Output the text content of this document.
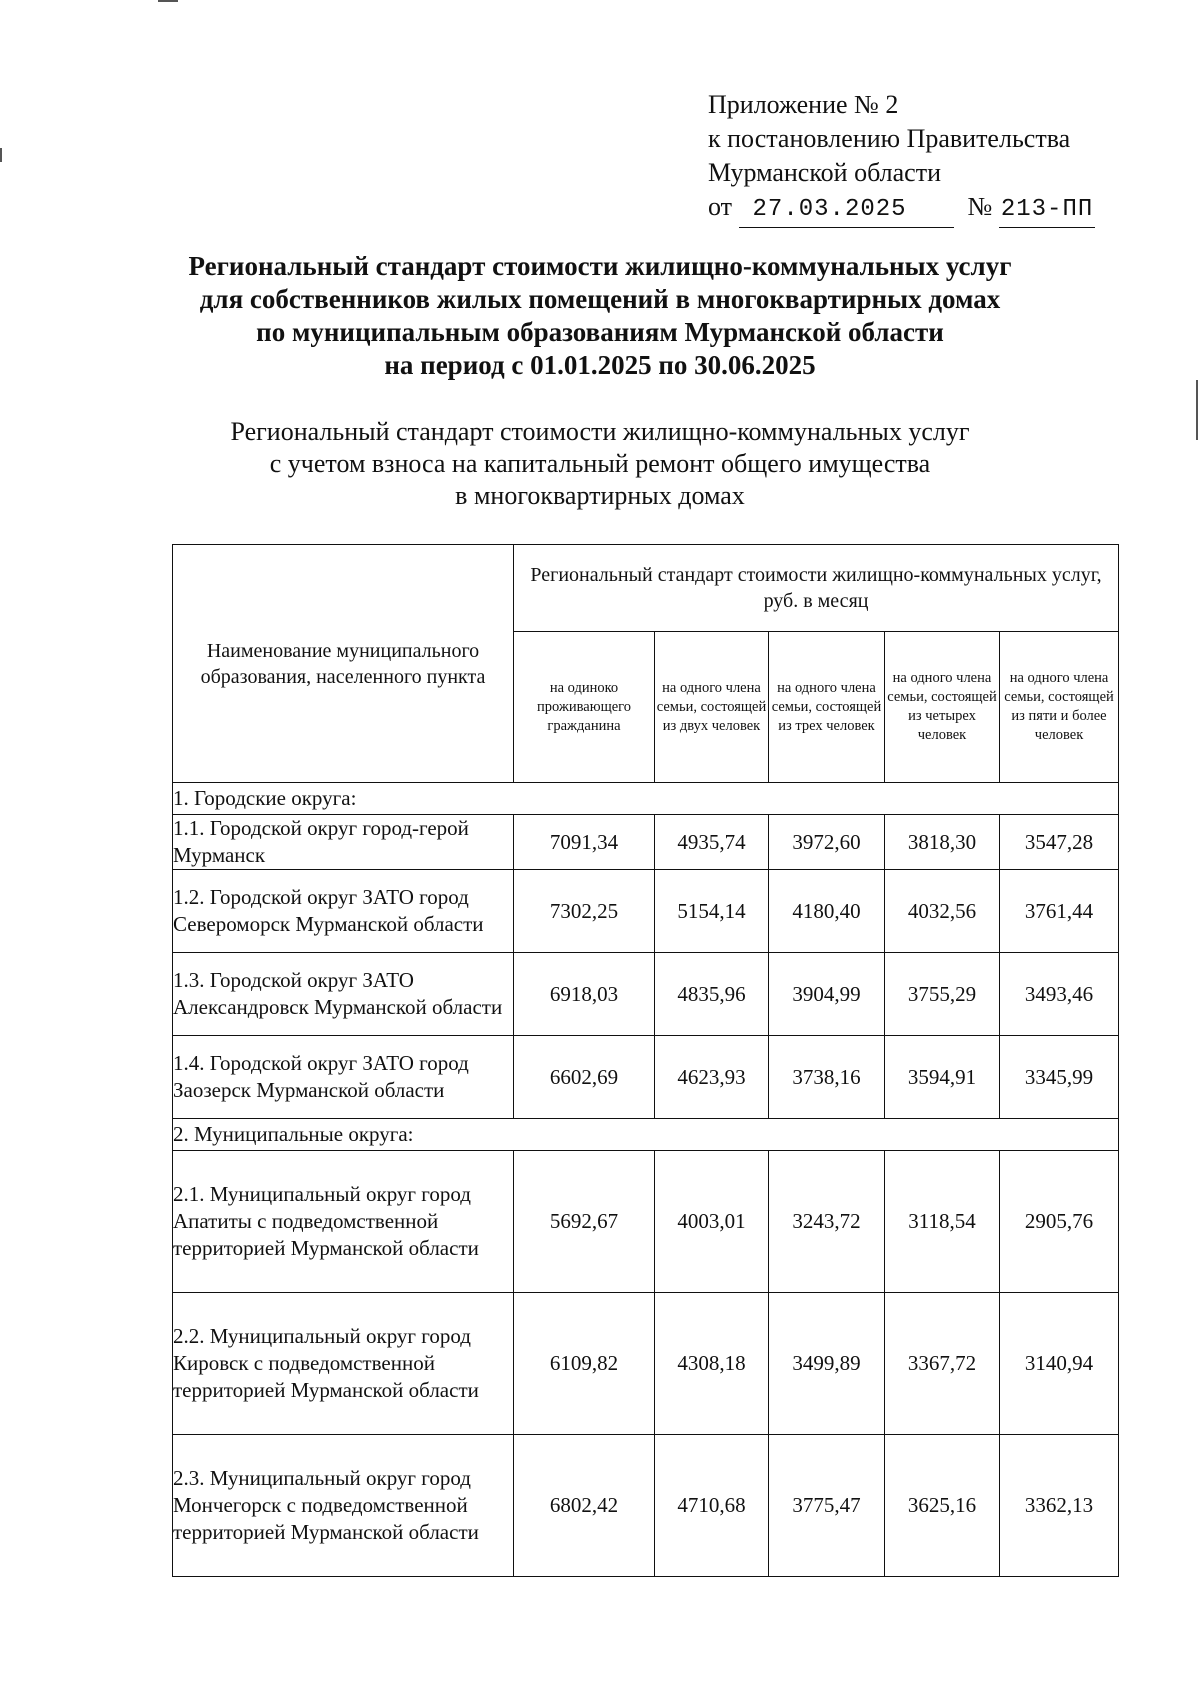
Приложение № 2
к постановлению Правительства
Мурманской области
от 27.03.2025 № 213-ПП
Региональный стандарт стоимости жилищно-коммунальных услуг
для собственников жилых помещений в многоквартирных домах
по муниципальным образованиям Мурманской области
на период с 01.01.2025 по 30.06.2025
Региональный стандарт стоимости жилищно-коммунальных услуг
с учетом взноса на капитальный ремонт общего имущества
в многоквартирных домах
Наименование муниципального образования, населенного пункта	Региональный стандарт стоимости жилищно-коммунальных услуг, руб. в месяц				
	на одиноко проживающего гражданина	на одного члена семьи, состоящей из двух человек	на одного члена семьи, состоящей из трех человек	на одного члена семьи, состоящей из четырех человек	на одного члена семьи, состоящей из пяти и более человек
1. Городские округа:					
1.1. Городской округ город-герой Мурманск	7091,34	4935,74	3972,60	3818,30	3547,28
1.2. Городской округ ЗАТО город Североморск Мурманской области	7302,25	5154,14	4180,40	4032,56	3761,44
1.3. Городской округ ЗАТО Александровск Мурманской области	6918,03	4835,96	3904,99	3755,29	3493,46
1.4. Городской округ ЗАТО город Заозерск Мурманской области	6602,69	4623,93	3738,16	3594,91	3345,99
2. Муниципальные округа:					
2.1. Муниципальный округ город Апатиты с подведомственной территорией Мурманской области	5692,67	4003,01	3243,72	3118,54	2905,76
2.2. Муниципальный округ город Кировск с подведомственной территорией Мурманской области	6109,82	4308,18	3499,89	3367,72	3140,94
2.3. Муниципальный округ город Мончегорск с подведомственной территорией Мурманской области	6802,42	4710,68	3775,47	3625,16	3362,13
